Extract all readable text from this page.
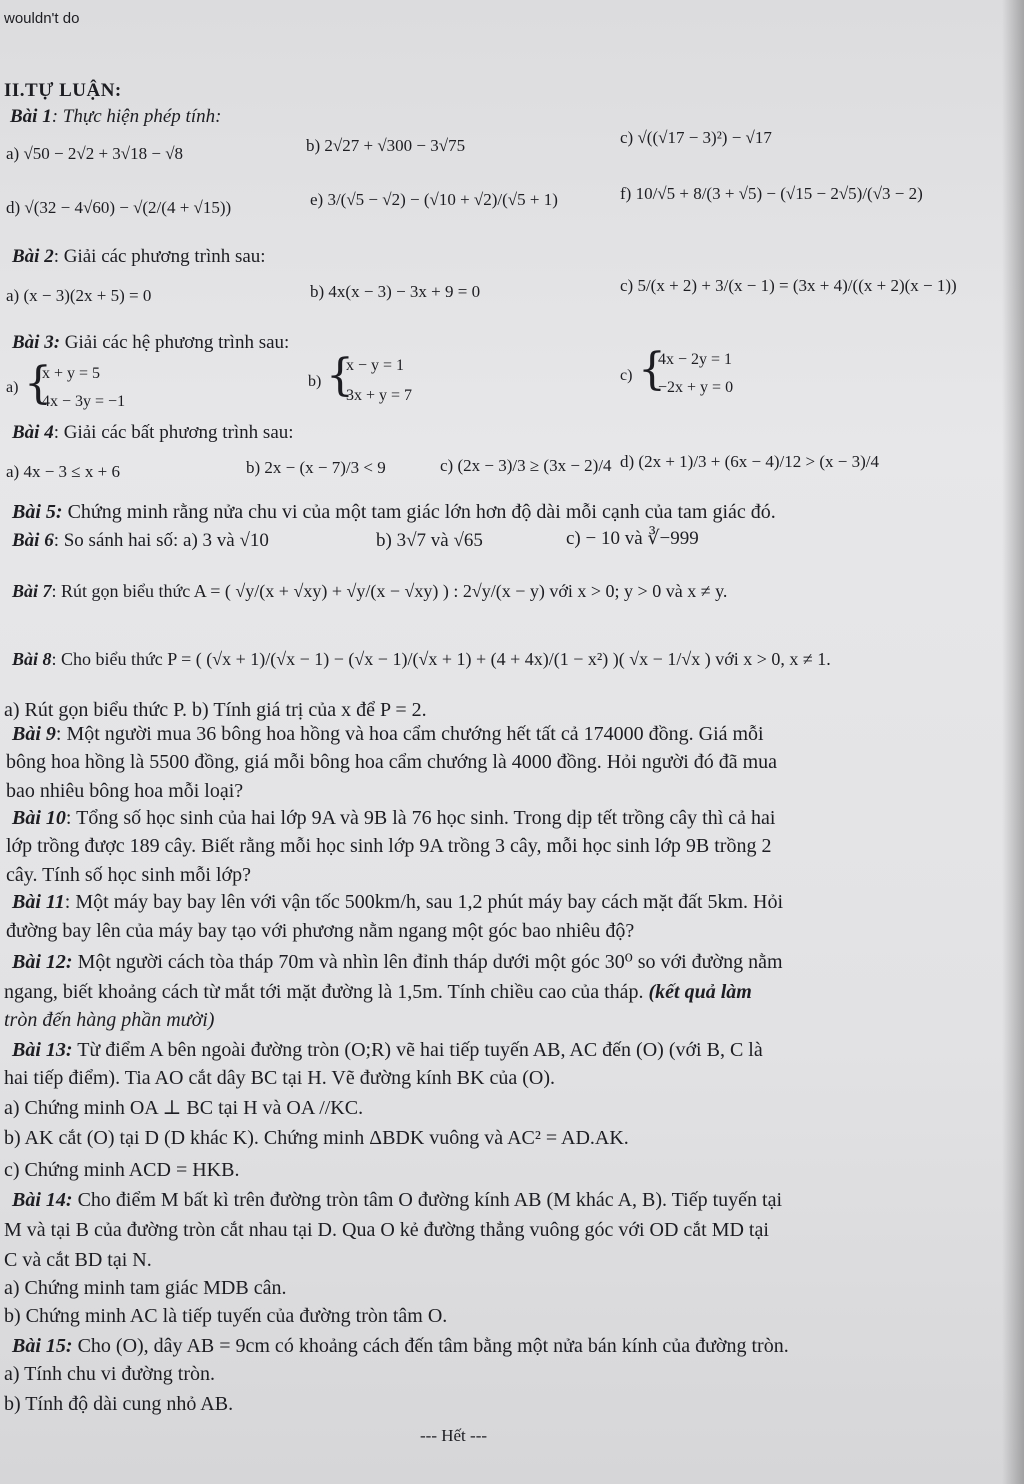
wouldn't do
II.TỰ LUẬN:
Bài 1: Thực hiện phép tính:
a) √50 − 2√2 + 3√18 − √8	b) 2√27 + √300 − 3√75	c) √((√17 − 3)²) − √17
d) √(32 − 4√60) − √(2/(4 + √15))	e) 3/(√5 − √2) − (√10 + √2)/(√5 + 1)	f) 10/√5 + 8/(3 + √5) − (√15 − 2√5)/(√3 − 2)
Bài 2: Giải các phương trình sau:
a) (x − 3)(2x + 5) = 0	b) 4x(x − 3) − 3x + 9 = 0	c) 5/(x + 2) + 3/(x − 1) = (3x + 4)/((x + 2)(x − 1))
Bài 3: Giải các hệ phương trình sau:
a) {
x + y = 5
4x − 3y = −1
b) {
x − y = 1
3x + y = 7
c) {
4x − 2y = 1
−2x + y = 0
Bài 4: Giải các bất phương trình sau:
a) 4x − 3 ≤ x + 6	b) 2x − (x − 7)/3 < 9	c) (2x − 3)/3 ≥ (3x − 2)/4 d) (2x + 1)/3 + (6x − 4)/12 > (x − 3)/4
Bài 5: Chứng minh rằng nửa chu vi của một tam giác lớn hơn độ dài mỗi cạnh của tam giác đó.
Bài 6: So sánh hai số: a) 3 và √10	b) 3√7 và √65	c) − 10 và ∛−999
Bài 7: Rút gọn biểu thức A = ( √y/(x + √xy) + √y/(x − √xy) ) : 2√y/(x − y) với x > 0; y > 0 và x ≠ y.
Bài 8: Cho biểu thức P = ( (√x + 1)/(√x − 1) − (√x − 1)/(√x + 1) + (4 + 4x)/(1 − x²) )( √x − 1/√x ) với x > 0, x ≠ 1.
a) Rút gọn biểu thức P. b) Tính giá trị của x để P = 2.
Bài 9: Một người mua 36 bông hoa hồng và hoa cẩm chướng hết tất cả 174000 đồng. Giá mỗi
bông hoa hồng là 5500 đồng, giá mỗi bông hoa cẩm chướng là 4000 đồng. Hỏi người đó đã mua
bao nhiêu bông hoa mỗi loại?
Bài 10: Tổng số học sinh của hai lớp 9A và 9B là 76 học sinh. Trong dịp tết trồng cây thì cả hai
lớp trồng được 189 cây. Biết rằng mỗi học sinh lớp 9A trồng 3 cây, mỗi học sinh lớp 9B trồng 2
cây. Tính số học sinh mỗi lớp?
Bài 11: Một máy bay bay lên với vận tốc 500km/h, sau 1,2 phút máy bay cách mặt đất 5km. Hỏi
đường bay lên của máy bay tạo với phương nằm ngang một góc bao nhiêu độ?
Bài 12: Một người cách tòa tháp 70m và nhìn lên đỉnh tháp dưới một góc 30⁰ so với đường nằm
ngang, biết khoảng cách từ mắt tới mặt đường là 1,5m. Tính chiều cao của tháp. (kết quả làm
tròn đến hàng phần mười)
Bài 13: Từ điểm A bên ngoài đường tròn (O;R) vẽ hai tiếp tuyến AB, AC đến (O) (với B, C là
hai tiếp điểm). Tia AO cắt dây BC tại H. Vẽ đường kính BK của (O).
a) Chứng minh OA ⊥ BC tại H và OA //KC.
b) AK cắt (O) tại D (D khác K). Chứng minh ΔBDK vuông và AC² = AD.AK.
c) Chứng minh ACD = HKB.
Bài 14: Cho điểm M bất kì trên đường tròn tâm O đường kính AB (M khác A, B). Tiếp tuyến tại
M và tại B của đường tròn cắt nhau tại D. Qua O kẻ đường thẳng vuông góc với OD cắt MD tại
C và cắt BD tại N.
a) Chứng minh tam giác MDB cân.
b) Chứng minh AC là tiếp tuyến của đường tròn tâm O.
Bài 15: Cho (O), dây AB = 9cm có khoảng cách đến tâm bằng một nửa bán kính của đường tròn.
a) Tính chu vi đường tròn.
b) Tính độ dài cung nhỏ AB.
--- Hết ---
